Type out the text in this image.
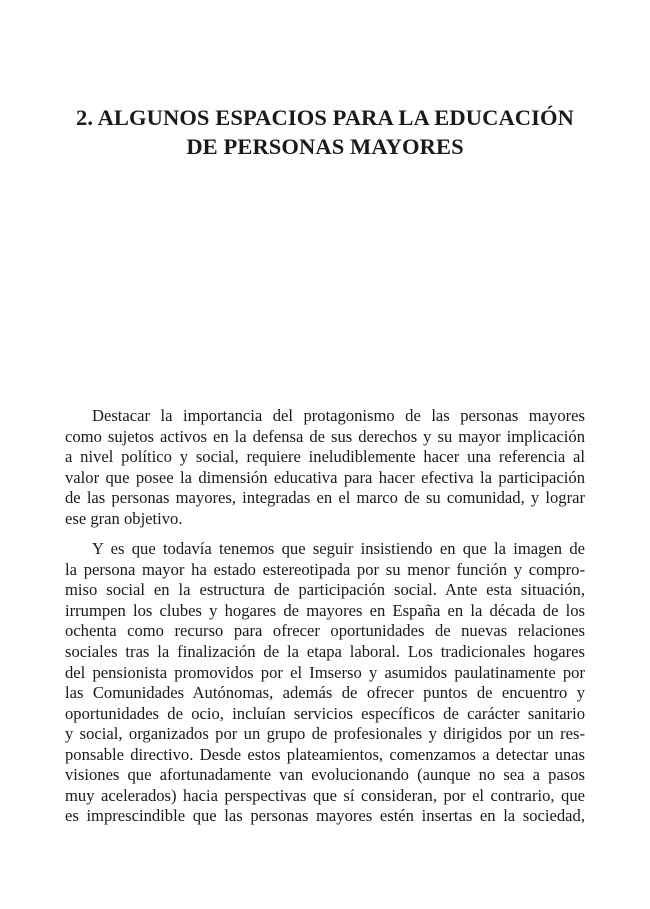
2. ALGUNOS ESPACIOS PARA LA EDUCACIÓN
DE PERSONAS MAYORES

Destacar la importancia del protagonismo de las personas mayores
como sujetos activos en la defensa de sus derechos y su mayor implicación
a nivel político y social, requiere ineludiblemente hacer una referencia al
valor que posee la dimensión educativa para hacer efectiva la participación
de las personas mayores, integradas en el marco de su comunidad, y lograr
ese gran objetivo.

Y es que todavía tenemos que seguir insistiendo en que la imagen de
la persona mayor ha estado estereotipada por su menor función y compro-
miso social en la estructura de participación social. Ante esta situación,
irrumpen los clubes y hogares de mayores en España en la década de los
ochenta como recurso para ofrecer oportunidades de nuevas relaciones
sociales tras la finalización de la etapa laboral. Los tradicionales hogares
del pensionista promovidos por el Imserso y asumidos paulatinamente por
las Comunidades Autónomas, además de ofrecer puntos de encuentro y
oportunidades de ocio, incluían servicios específicos de carácter sanitario
y social, organizados por un grupo de profesionales y dirigidos por un res-
ponsable directivo. Desde estos plateamientos, comenzamos a detectar unas
visiones que afortunadamente van evolucionando (aunque no sea a pasos
muy acelerados) hacia perspectivas que sí consideran, por el contrario, que
es imprescindible que las personas mayores estén insertas en la sociedad,
